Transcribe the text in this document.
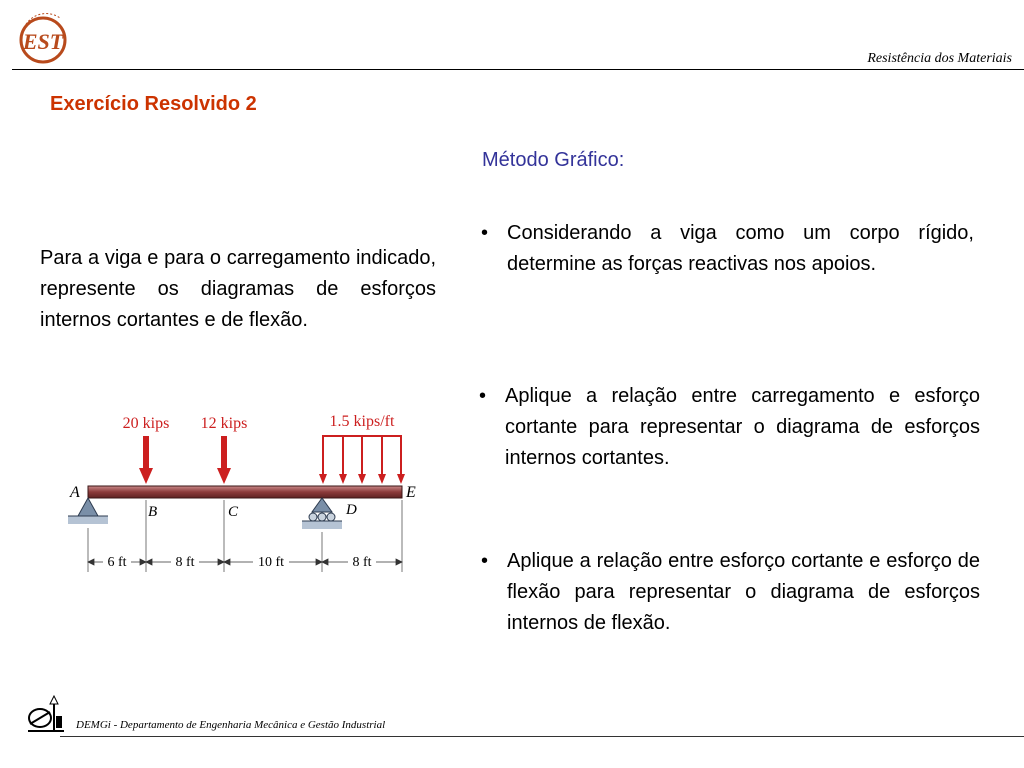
EST
Resistência dos Materiais
Exercício Resolvido 2
Método Gráfico:
Para a viga e para o carregamento indicado, represente os diagramas de esforços internos cortantes e de flexão.
• Considerando a viga como um corpo rígido, determine as forças reactivas nos apoios.
• Aplique a relação entre carregamento e esforço cortante para representar o diagrama de esforços internos cortantes.
• Aplique a relação entre esforço cortante e esforço de flexão para representar o diagrama de esforços internos de flexão.
20 kips 12 kips	1.5 kips/ft
A
B	C	D
E
6 ft	8 ft	10 ft	8 ft
DEMGi - Departamento de Engenharia Mecânica e Gestão Industrial
